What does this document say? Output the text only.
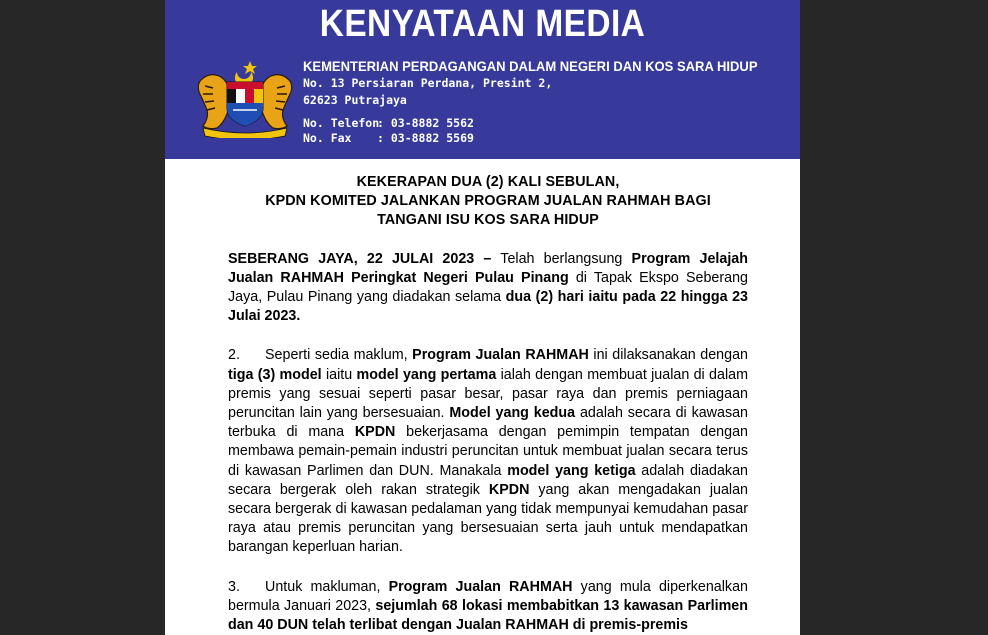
KENYATAAN MEDIA
KEMENTERIAN PERDAGANGAN DALAM NEGERI DAN KOS SARA HIDUP
No. 13 Persiaran Perdana, Presint 2,
62623 Putrajaya
No. Telefon
: 03-8882 5562
No. Fax	: 03-8882 5569
KEKERAPAN DUA (2) KALI SEBULAN,
KPDN KOMITED JALANKAN PROGRAM JUALAN RAHMAH BAGI
TANGANI ISU KOS SARA HIDUP
SEBERANG JAYA, 22 JULAI 2023 – Telah berlangsung Program Jelajah Jualan RAHMAH Peringkat Negeri Pulau Pinang di Tapak Ekspo Seberang Jaya, Pulau Pinang yang diadakan selama dua (2) hari iaitu pada 22 hingga 23 Julai 2023.
2. Seperti sedia maklum, Program Jualan RAHMAH ini dilaksanakan dengan tiga (3) model iaitu model yang pertama ialah dengan membuat jualan di dalam premis yang sesuai seperti pasar besar, pasar raya dan premis perniagaan peruncitan lain yang bersesuaian. Model yang kedua adalah secara di kawasan terbuka di mana KPDN bekerjasama dengan pemimpin tempatan dengan membawa pemain-pemain industri peruncitan untuk membuat jualan secara terus di kawasan Parlimen dan DUN. Manakala model yang ketiga adalah diadakan secara bergerak oleh rakan strategik KPDN yang akan mengadakan jualan secara bergerak di kawasan pedalaman yang tidak mempunyai kemudahan pasar raya atau premis peruncitan yang bersesuaian serta jauh untuk mendapatkan barangan keperluan harian.
3. Untuk makluman, Program Jualan RAHMAH yang mula diperkenalkan bermula Januari 2023, sejumlah 68 lokasi membabitkan 13 kawasan Parlimen dan 40 DUN telah terlibat dengan Jualan RAHMAH di premis-premis
